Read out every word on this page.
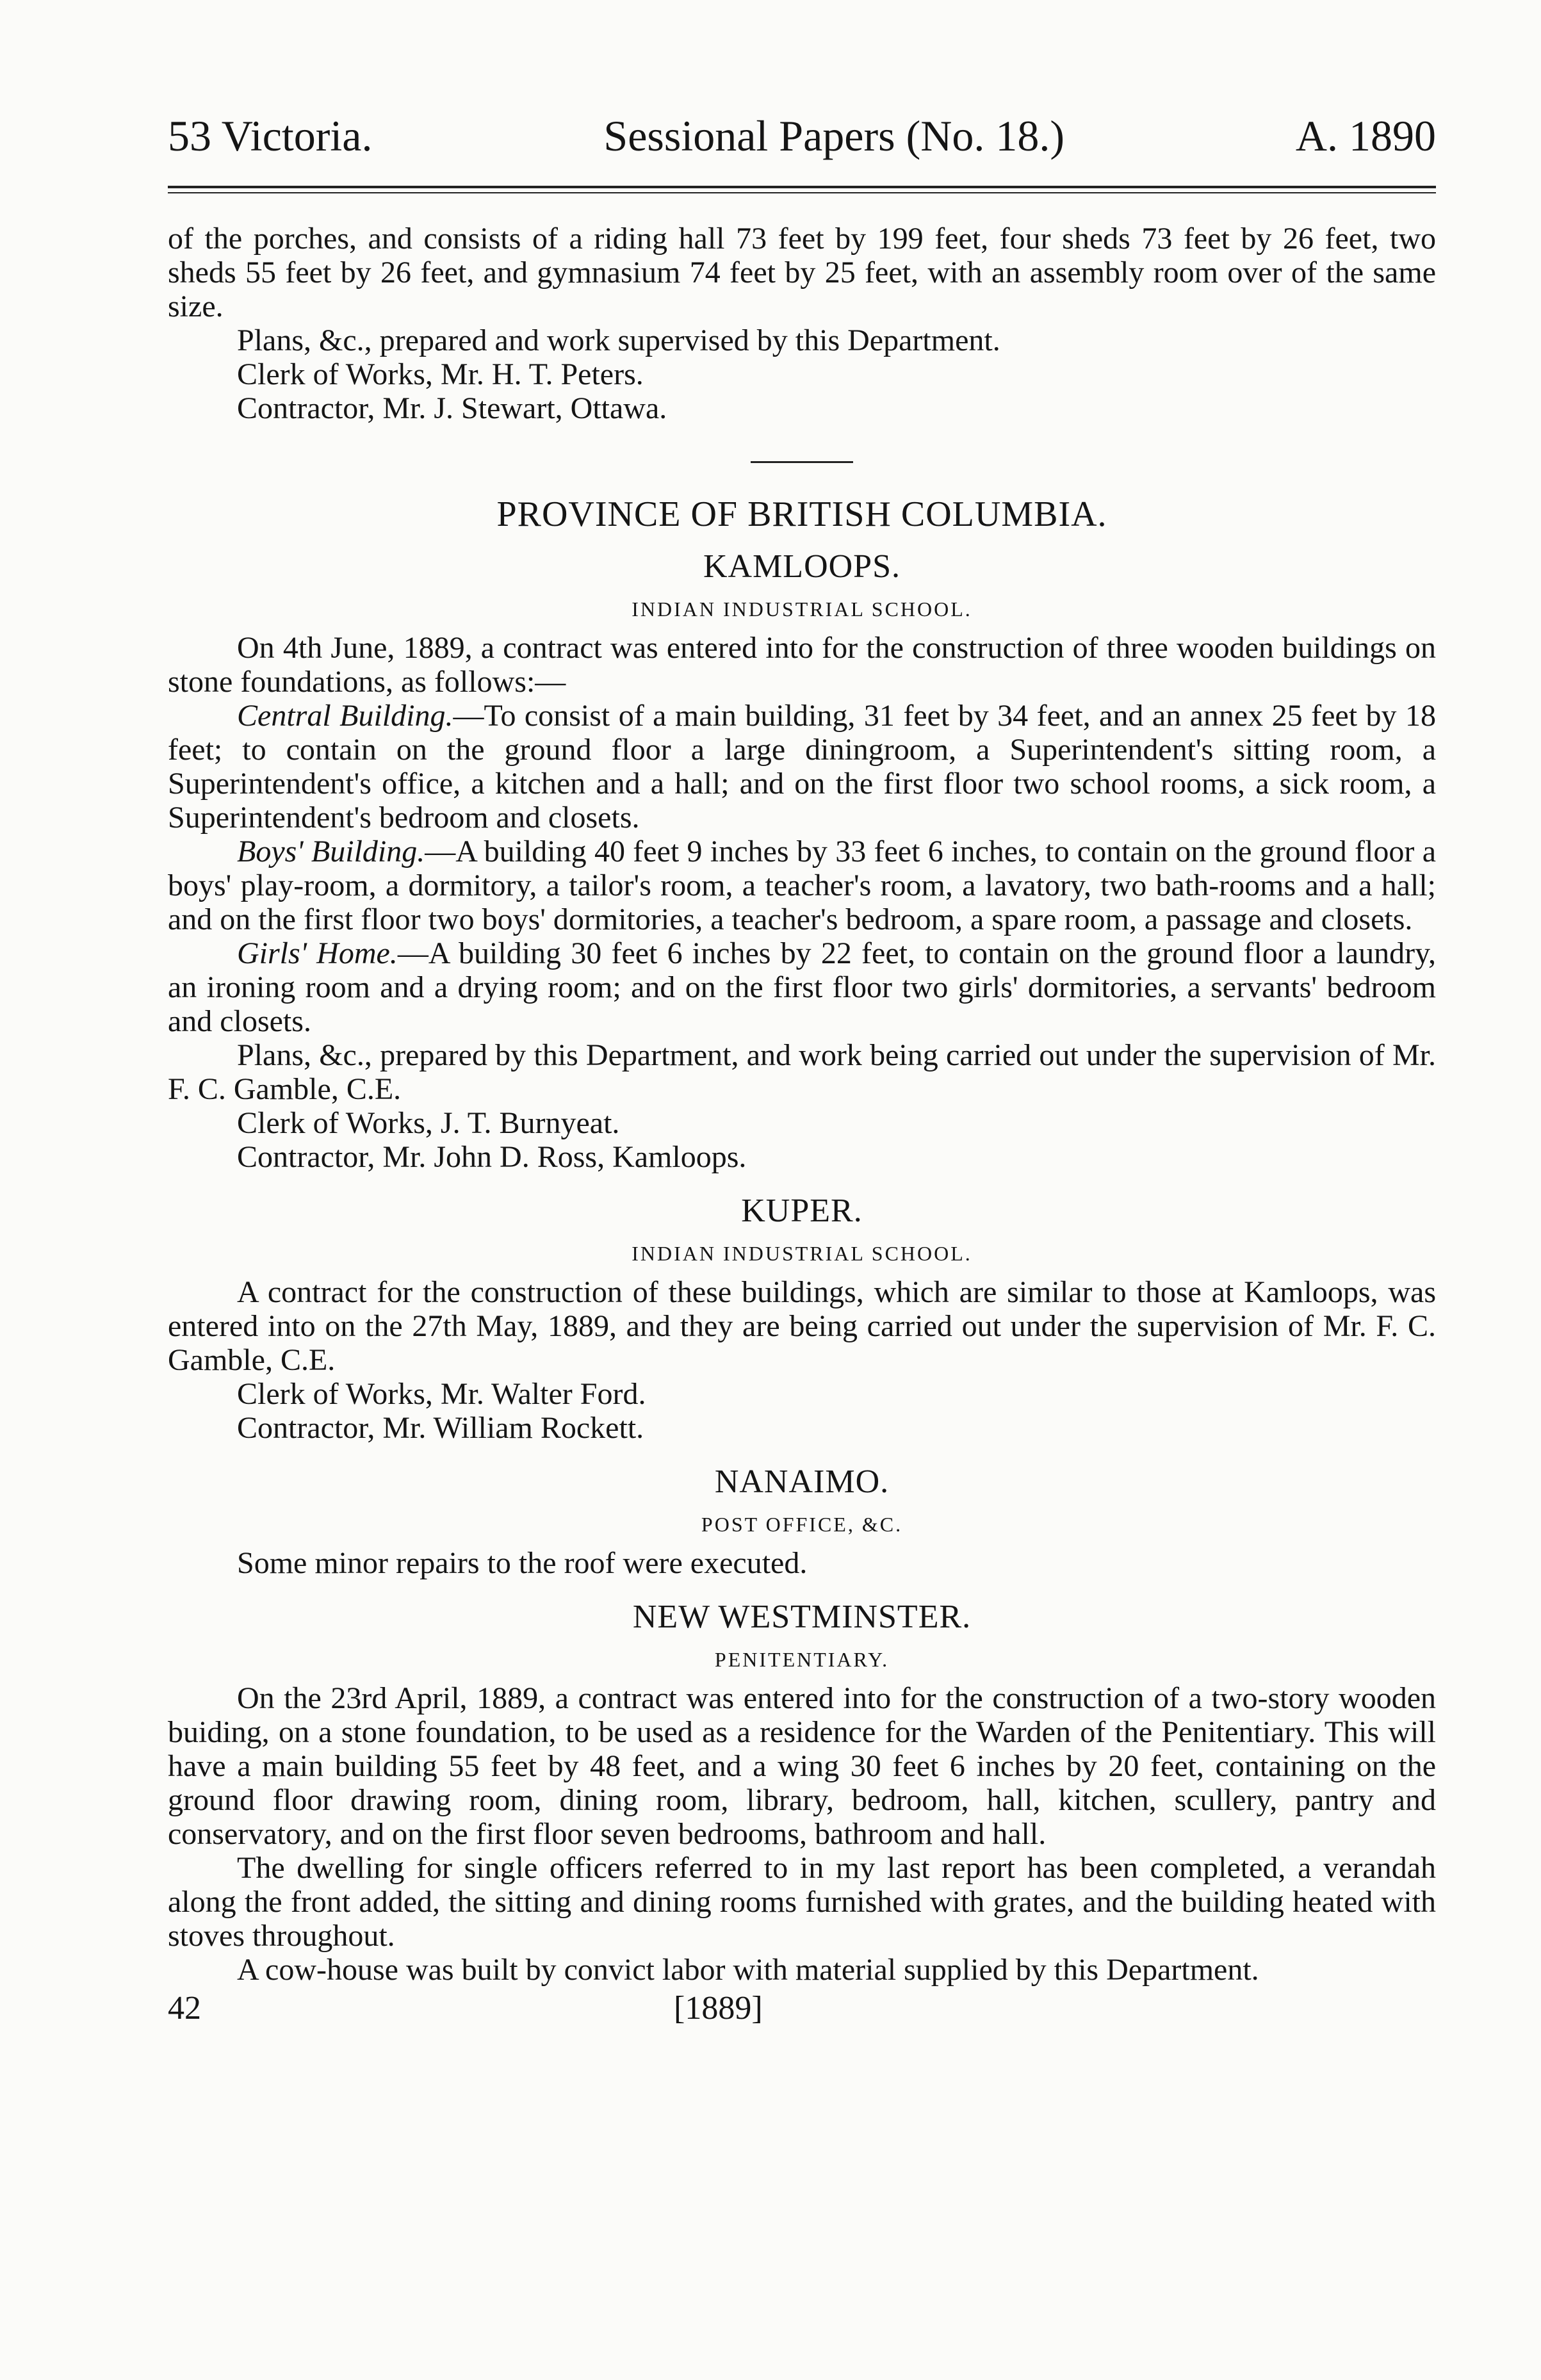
53 Victoria.	Sessional Papers (No. 18.)	A. 1890

of the porches, and consists of a riding hall 73 feet by 199 feet, four sheds 73 feet by 26 feet, two sheds 55 feet by 26 feet, and gymnasium 74 feet by 25 feet, with an assembly room over of the same size.

Plans, &c., prepared and work supervised by this Department.

Clerk of Works, Mr. H. T. Peters.

Contractor, Mr. J. Stewart, Ottawa.

PROVINCE OF BRITISH COLUMBIA.
KAMLOOPS.
INDIAN INDUSTRIAL SCHOOL.

On 4th June, 1889, a contract was entered into for the construction of three wooden buildings on stone foundations, as follows:—

Central Building.—To consist of a main building, 31 feet by 34 feet, and an annex 25 feet by 18 feet; to contain on the ground floor a large diningroom, a Superintendent's sitting room, a Superintendent's office, a kitchen and a hall; and on the first floor two school rooms, a sick room, a Superintendent's bedroom and closets.

Boys' Building.—A building 40 feet 9 inches by 33 feet 6 inches, to contain on the ground floor a boys' play-room, a dormitory, a tailor's room, a teacher's room, a lavatory, two bath-rooms and a hall; and on the first floor two boys' dormitories, a teacher's bedroom, a spare room, a passage and closets.

Girls' Home.—A building 30 feet 6 inches by 22 feet, to contain on the ground floor a laundry, an ironing room and a drying room; and on the first floor two girls' dormitories, a servants' bedroom and closets.

Plans, &c., prepared by this Department, and work being carried out under the supervision of Mr. F. C. Gamble, C.E.

Clerk of Works, J. T. Burnyeat.

Contractor, Mr. John D. Ross, Kamloops.

KUPER.
INDIAN INDUSTRIAL SCHOOL.

A contract for the construction of these buildings, which are similar to those at Kamloops, was entered into on the 27th May, 1889, and they are being carried out under the supervision of Mr. F. C. Gamble, C.E.

Clerk of Works, Mr. Walter Ford.

Contractor, Mr. William Rockett.

NANAIMO.
POST OFFICE, &C.

Some minor repairs to the roof were executed.

NEW WESTMINSTER.
PENITENTIARY.

On the 23rd April, 1889, a contract was entered into for the construction of a two-story wooden buiding, on a stone foundation, to be used as a residence for the Warden of the Penitentiary. This will have a main building 55 feet by 48 feet, and a wing 30 feet 6 inches by 20 feet, containing on the ground floor drawing room, dining room, library, bedroom, hall, kitchen, scullery, pantry and conservatory, and on the first floor seven bedrooms, bathroom and hall.

The dwelling for single officers referred to in my last report has been completed, a verandah along the front added, the sitting and dining rooms furnished with grates, and the building heated with stoves throughout.

A cow-house was built by convict labor with material supplied by this Department.

42	[1889]
